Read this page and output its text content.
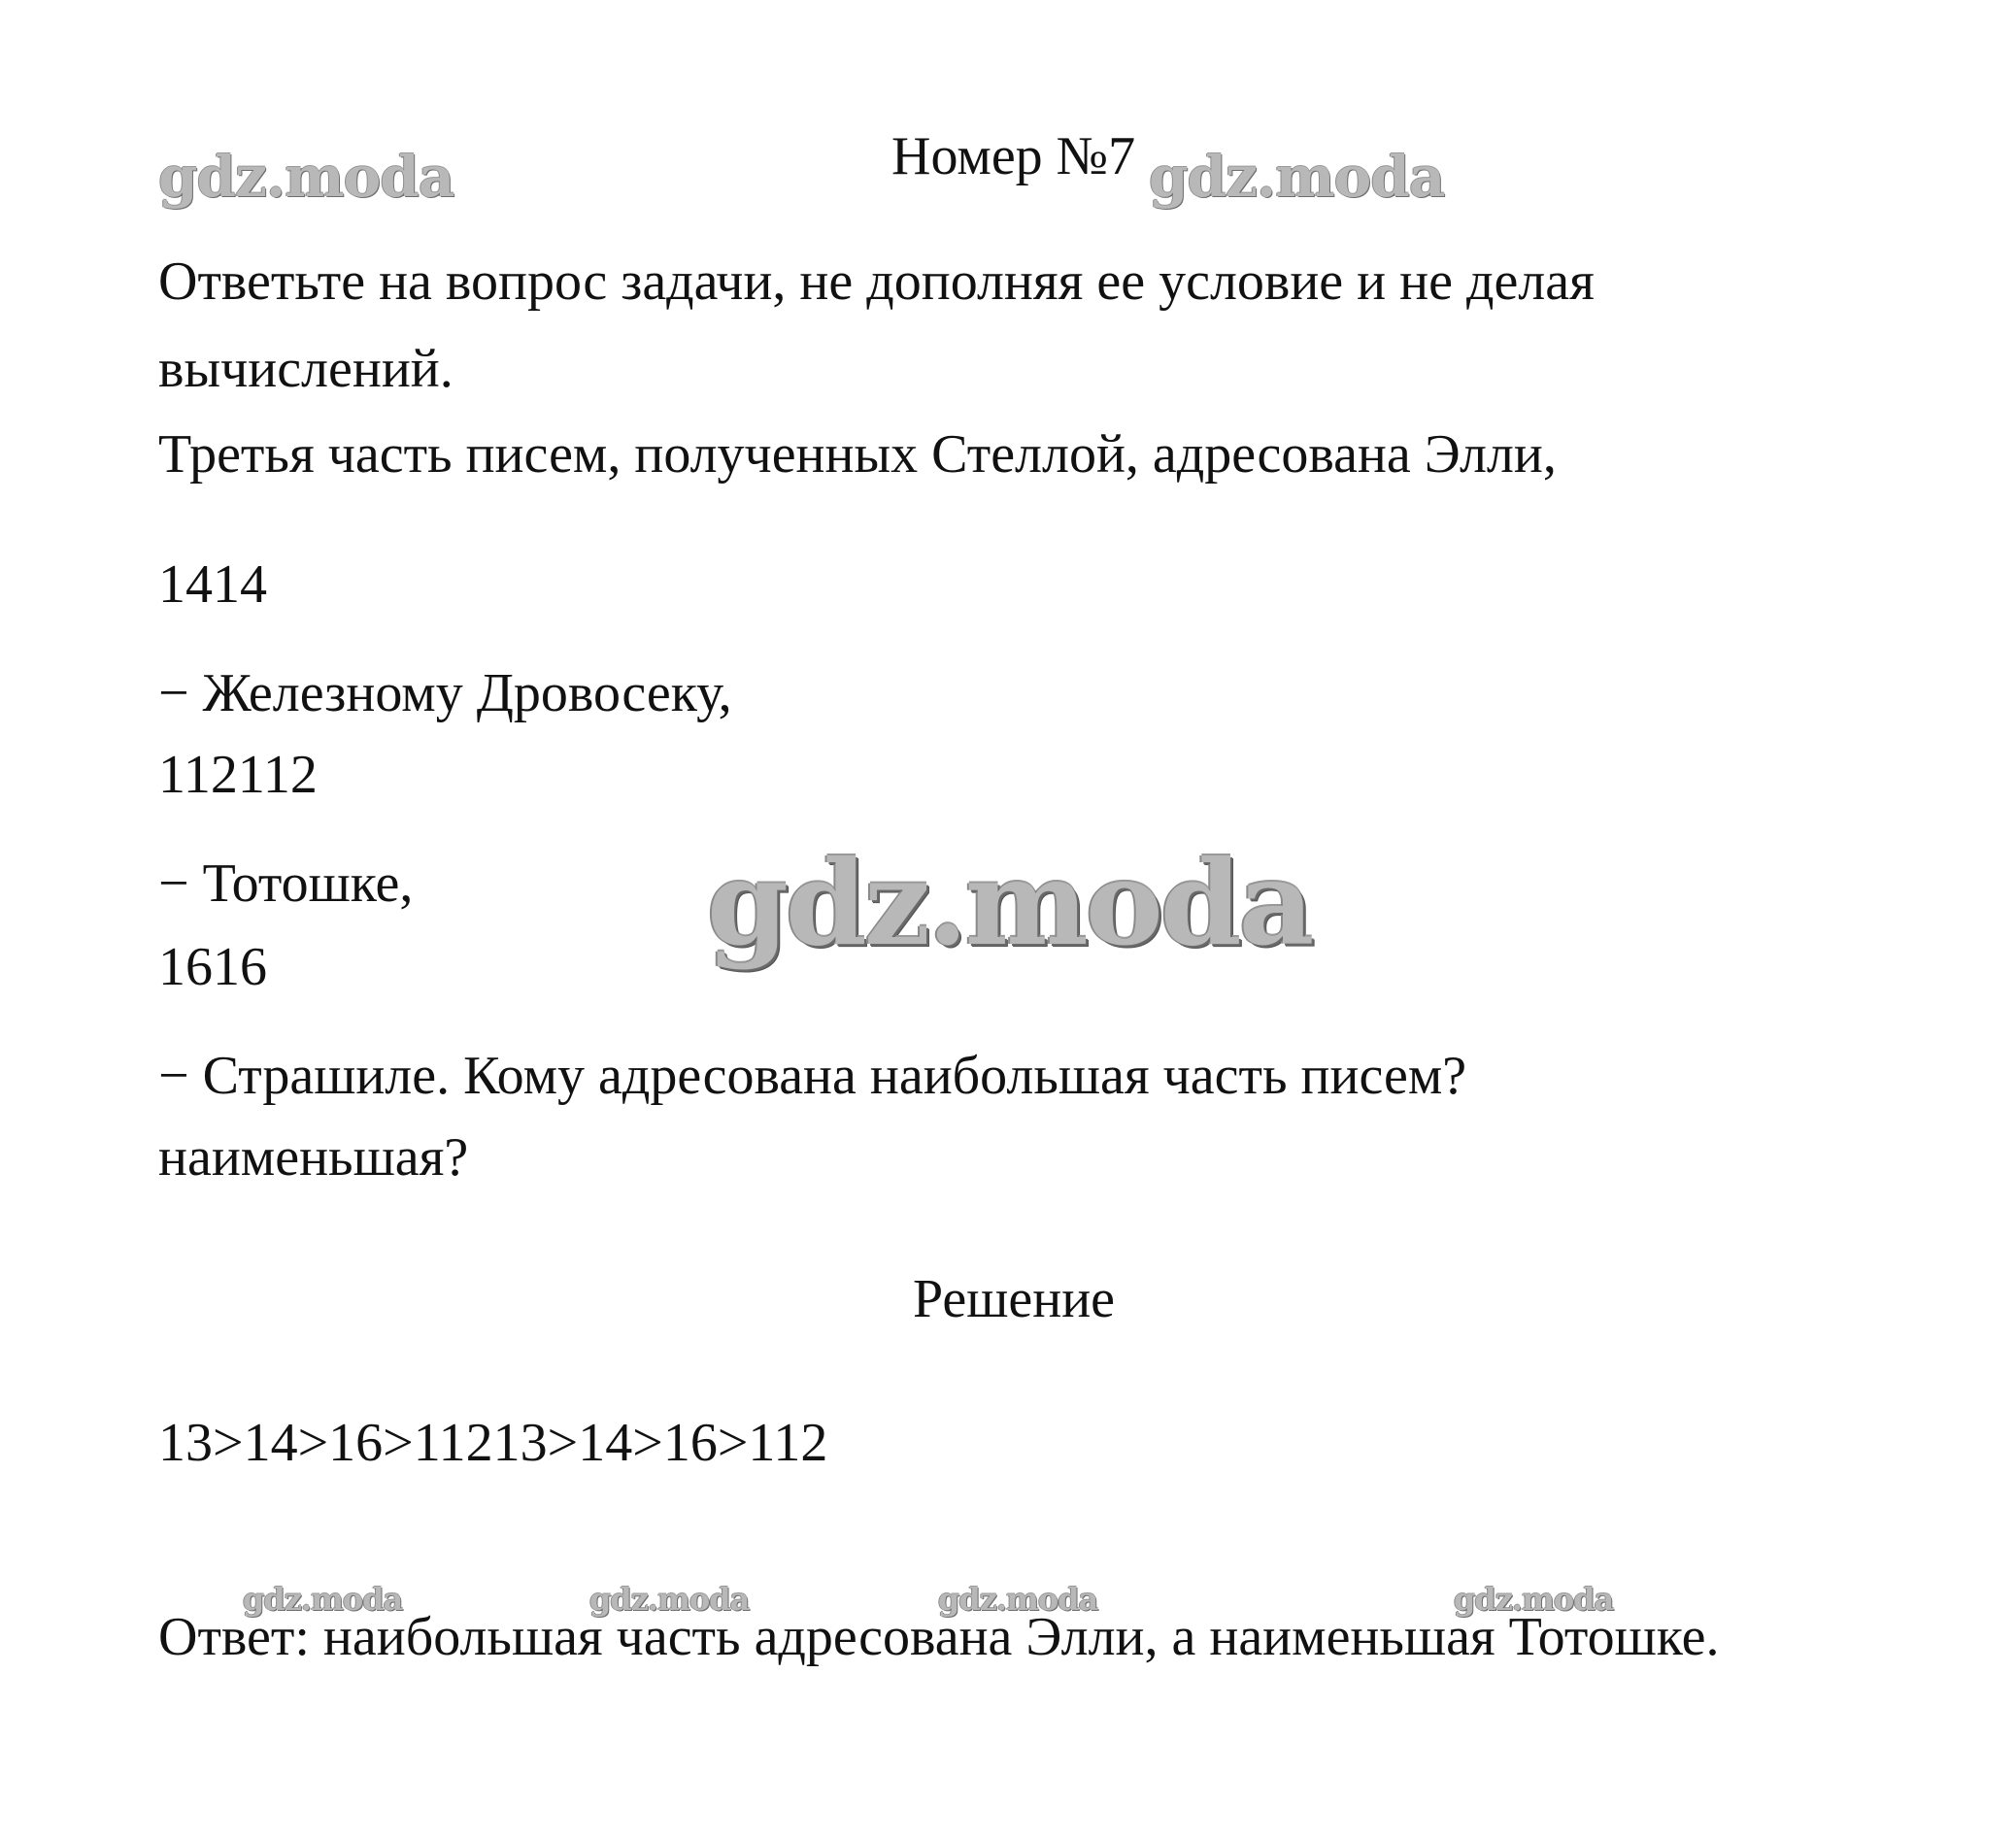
gdz.moda	gdz.moda
gdz.moda
gdz.moda	gdz.moda	gdz.moda	gdz.moda
Номер №7
Ответьте на вопрос задачи, не дополняя ее условие и не делая
вычислений.
Третья часть писем, полученных Стеллой, адресована Элли,
1414
− Железному Дровосеку,
112112
− Тотошке,
1616
− Страшиле. Кому адресована наибольшая часть писем?
наименьшая?
Решение
13>14>16>11213>14>16>112
Ответ: наибольшая часть адресована Элли, а наименьшая Тотошке.
